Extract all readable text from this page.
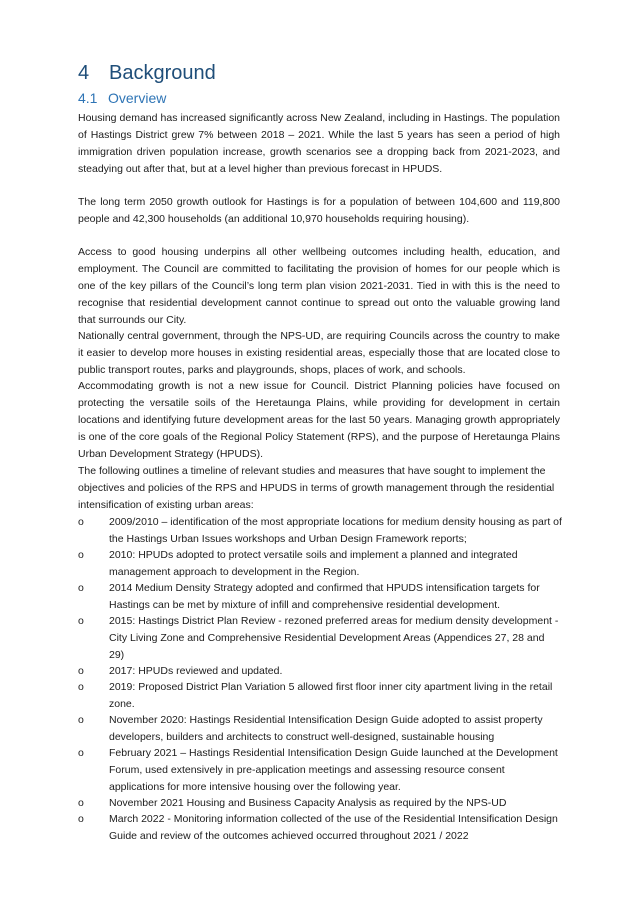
4 Background
4.1 Overview

Housing demand has increased significantly across New Zealand, including in Hastings. The population of Hastings District grew 7% between 2018 – 2021. While the last 5 years has seen a period of high immigration driven population increase, growth scenarios see a dropping back from 2021-2023, and steadying out after that, but at a level higher than previous forecast in HPUDS.

The long term 2050 growth outlook for Hastings is for a population of between 104,600 and 119,800 people and 42,300 households (an additional 10,970 households requiring housing).

Access to good housing underpins all other wellbeing outcomes including health, education, and employment. The Council are committed to facilitating the provision of homes for our people which is one of the key pillars of the Council’s long term plan vision 2021-2031. Tied in with this is the need to recognise that residential development cannot continue to spread out onto the valuable growing land that surrounds our City.

Nationally central government, through the NPS-UD, are requiring Councils across the country to make it easier to develop more houses in existing residential areas, especially those that are located close to public transport routes, parks and playgrounds, shops, places of work, and schools.

Accommodating growth is not a new issue for Council. District Planning policies have focused on protecting the versatile soils of the Heretaunga Plains, while providing for development in certain locations and identifying future development areas for the last 50 years. Managing growth appropriately is one of the core goals of the Regional Policy Statement (RPS), and the purpose of Heretaunga Plains Urban Development Strategy (HPUDS).

The following outlines a timeline of relevant studies and measures that have sought to implement the objectives and policies of the RPS and HPUDS in terms of growth management through the residential intensification of existing urban areas:

o 2009/2010 – identification of the most appropriate locations for medium density housing as part of the Hastings Urban Issues workshops and Urban Design Framework reports;
o 2010: HPUDs adopted to protect versatile soils and implement a planned and integrated management approach to development in the Region.
o 2014 Medium Density Strategy adopted and confirmed that HPUDS intensification targets for Hastings can be met by mixture of infill and comprehensive residential development.
o 2015: Hastings District Plan Review - rezoned preferred areas for medium density development - City Living Zone and Comprehensive Residential Development Areas (Appendices 27, 28 and 29)
o 2017: HPUDs reviewed and updated.
o 2019: Proposed District Plan Variation 5 allowed first floor inner city apartment living in the retail zone.
o November 2020: Hastings Residential Intensification Design Guide adopted to assist property developers, builders and architects to construct well-designed, sustainable housing
o February 2021 – Hastings Residential Intensification Design Guide launched at the Development Forum, used extensively in pre-application meetings and assessing resource consent applications for more intensive housing over the following year.
o November 2021 Housing and Business Capacity Analysis as required by the NPS-UD
o March 2022 - Monitoring information collected of the use of the Residential Intensification Design Guide and review of the outcomes achieved occurred throughout 2021 / 2022
